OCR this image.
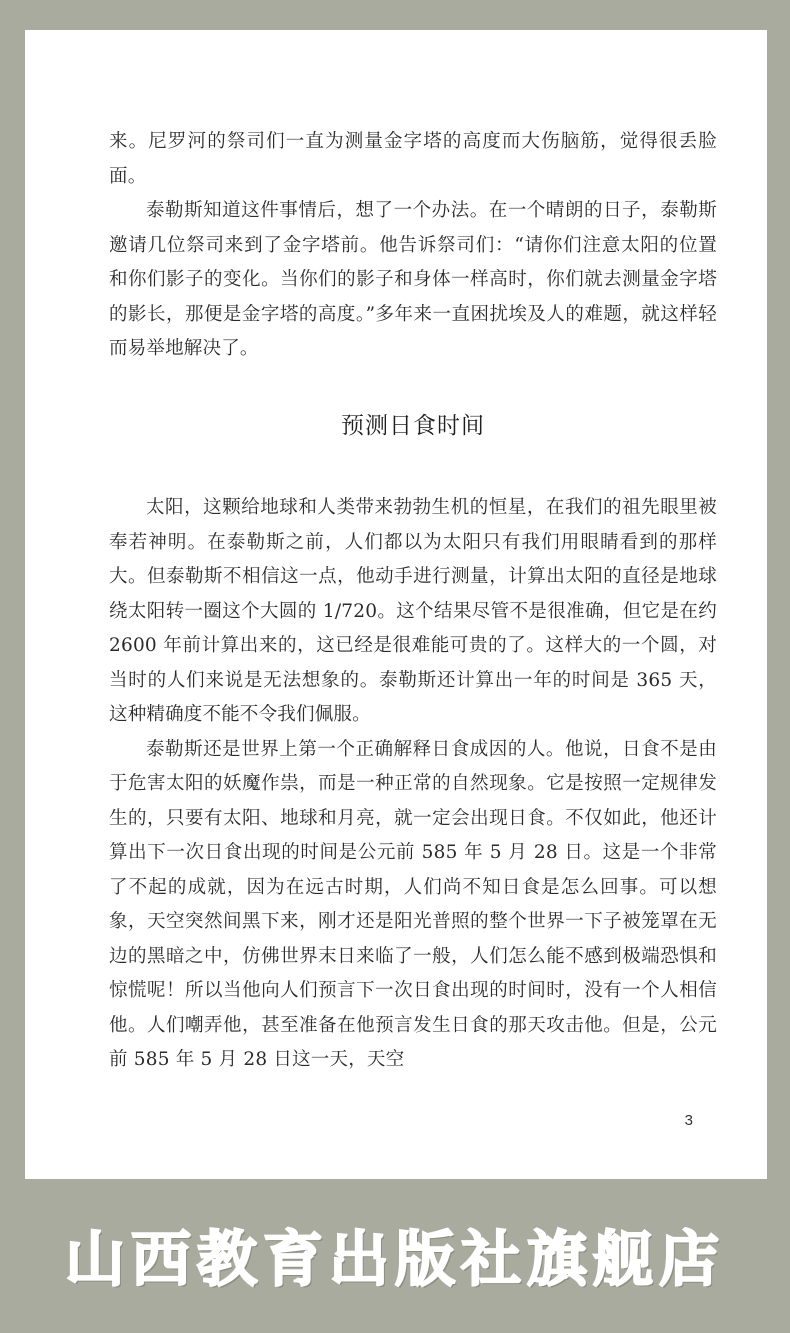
来。尼罗河的祭司们一直为测量金字塔的高度而大伤脑筋，觉得很丢脸面。

泰勒斯知道这件事情后，想了一个办法。在一个晴朗的日子，泰勒斯邀请几位祭司来到了金字塔前。他告诉祭司们：“请你们注意太阳的位置和你们影子的变化。当你们的影子和身体一样高时，你们就去测量金字塔的影长，那便是金字塔的高度。”多年来一直困扰埃及人的难题，就这样轻而易举地解决了。

预测日食时间

太阳，这颗给地球和人类带来勃勃生机的恒星，在我们的祖先眼里被奉若神明。在泰勒斯之前，人们都以为太阳只有我们用眼睛看到的那样大。但泰勒斯不相信这一点，他动手进行测量，计算出太阳的直径是地球绕太阳转一圈这个大圆的 1/720。这个结果尽管不是很准确，但它是在约 2600 年前计算出来的，这已经是很难能可贵的了。这样大的一个圆，对当时的人们来说是无法想象的。泰勒斯还计算出一年的时间是 365 天，这种精确度不能不令我们佩服。

泰勒斯还是世界上第一个正确解释日食成因的人。他说，日食不是由于危害太阳的妖魔作祟，而是一种正常的自然现象。它是按照一定规律发生的，只要有太阳、地球和月亮，就一定会出现日食。不仅如此，他还计算出下一次日食出现的时间是公元前 585 年 5 月 28 日。这是一个非常了不起的成就，因为在远古时期，人们尚不知日食是怎么回事。可以想象，天空突然间黑下来，刚才还是阳光普照的整个世界一下子被笼罩在无边的黑暗之中，仿佛世界末日来临了一般，人们怎么能不感到极端恐惧和惊慌呢！所以当他向人们预言下一次日食出现的时间时，没有一个人相信他。人们嘲弄他，甚至准备在他预言发生日食的那天攻击他。但是，公元前 585 年 5 月 28 日这一天，天空

3
山西教育出版社旗舰店
